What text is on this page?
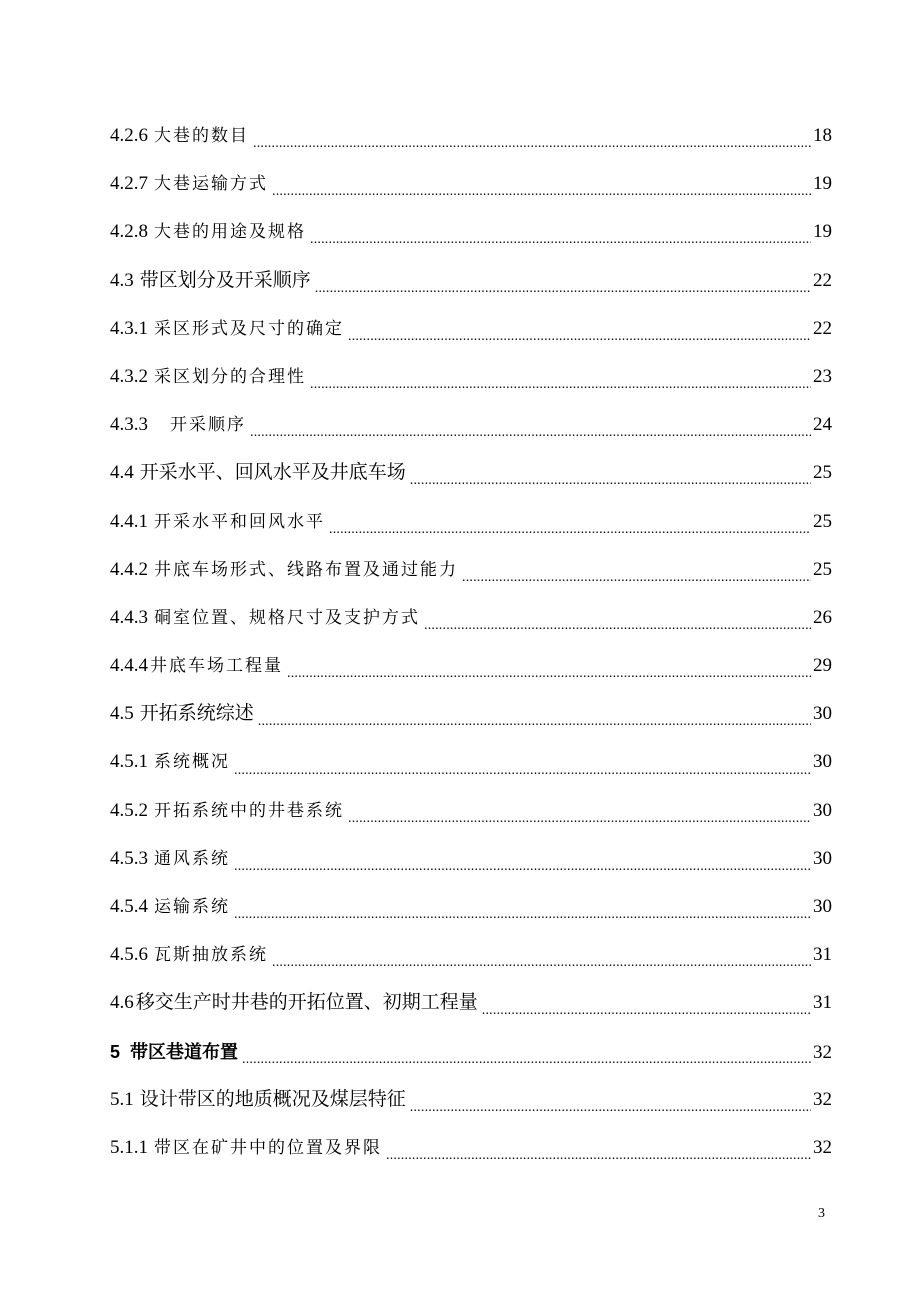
4.2.6 大巷的数目 .....	18
4.2.7 大巷运输方式 .....	19
4.2.8 大巷的用途及规格 .....	19
4.3 带区划分及开采顺序 .....	22
4.3.1 采区形式及尺寸的确定 .....	22
4.3.2 采区划分的合理性 .....	23
4.3.3 开采顺序 .....	24
4.4 开采水平、回风水平及井底车场 .....	25
4.4.1 开采水平和回风水平 .....	25
4.4.2 井底车场形式、线路布置及通过能力 .....	25
4.4.3 硐室位置、规格尺寸及支护方式 .....	26
4.4.4 井底车场工程量 .....	29
4.5 开拓系统综述 .....	30
4.5.1 系统概况 .....	30
4.5.2 开拓系统中的井巷系统 .....	30
4.5.3 通风系统 .....	30
4.5.4 运输系统 .....	30
4.5.6 瓦斯抽放系统 .....	31
4.6 移交生产时井巷的开拓位置、初期工程量 .....	31
5 带区巷道布置 .....	32
5.1 设计带区的地质概况及煤层特征 .....	32
5.1.1 带区在矿井中的位置及界限 .....	32
3
